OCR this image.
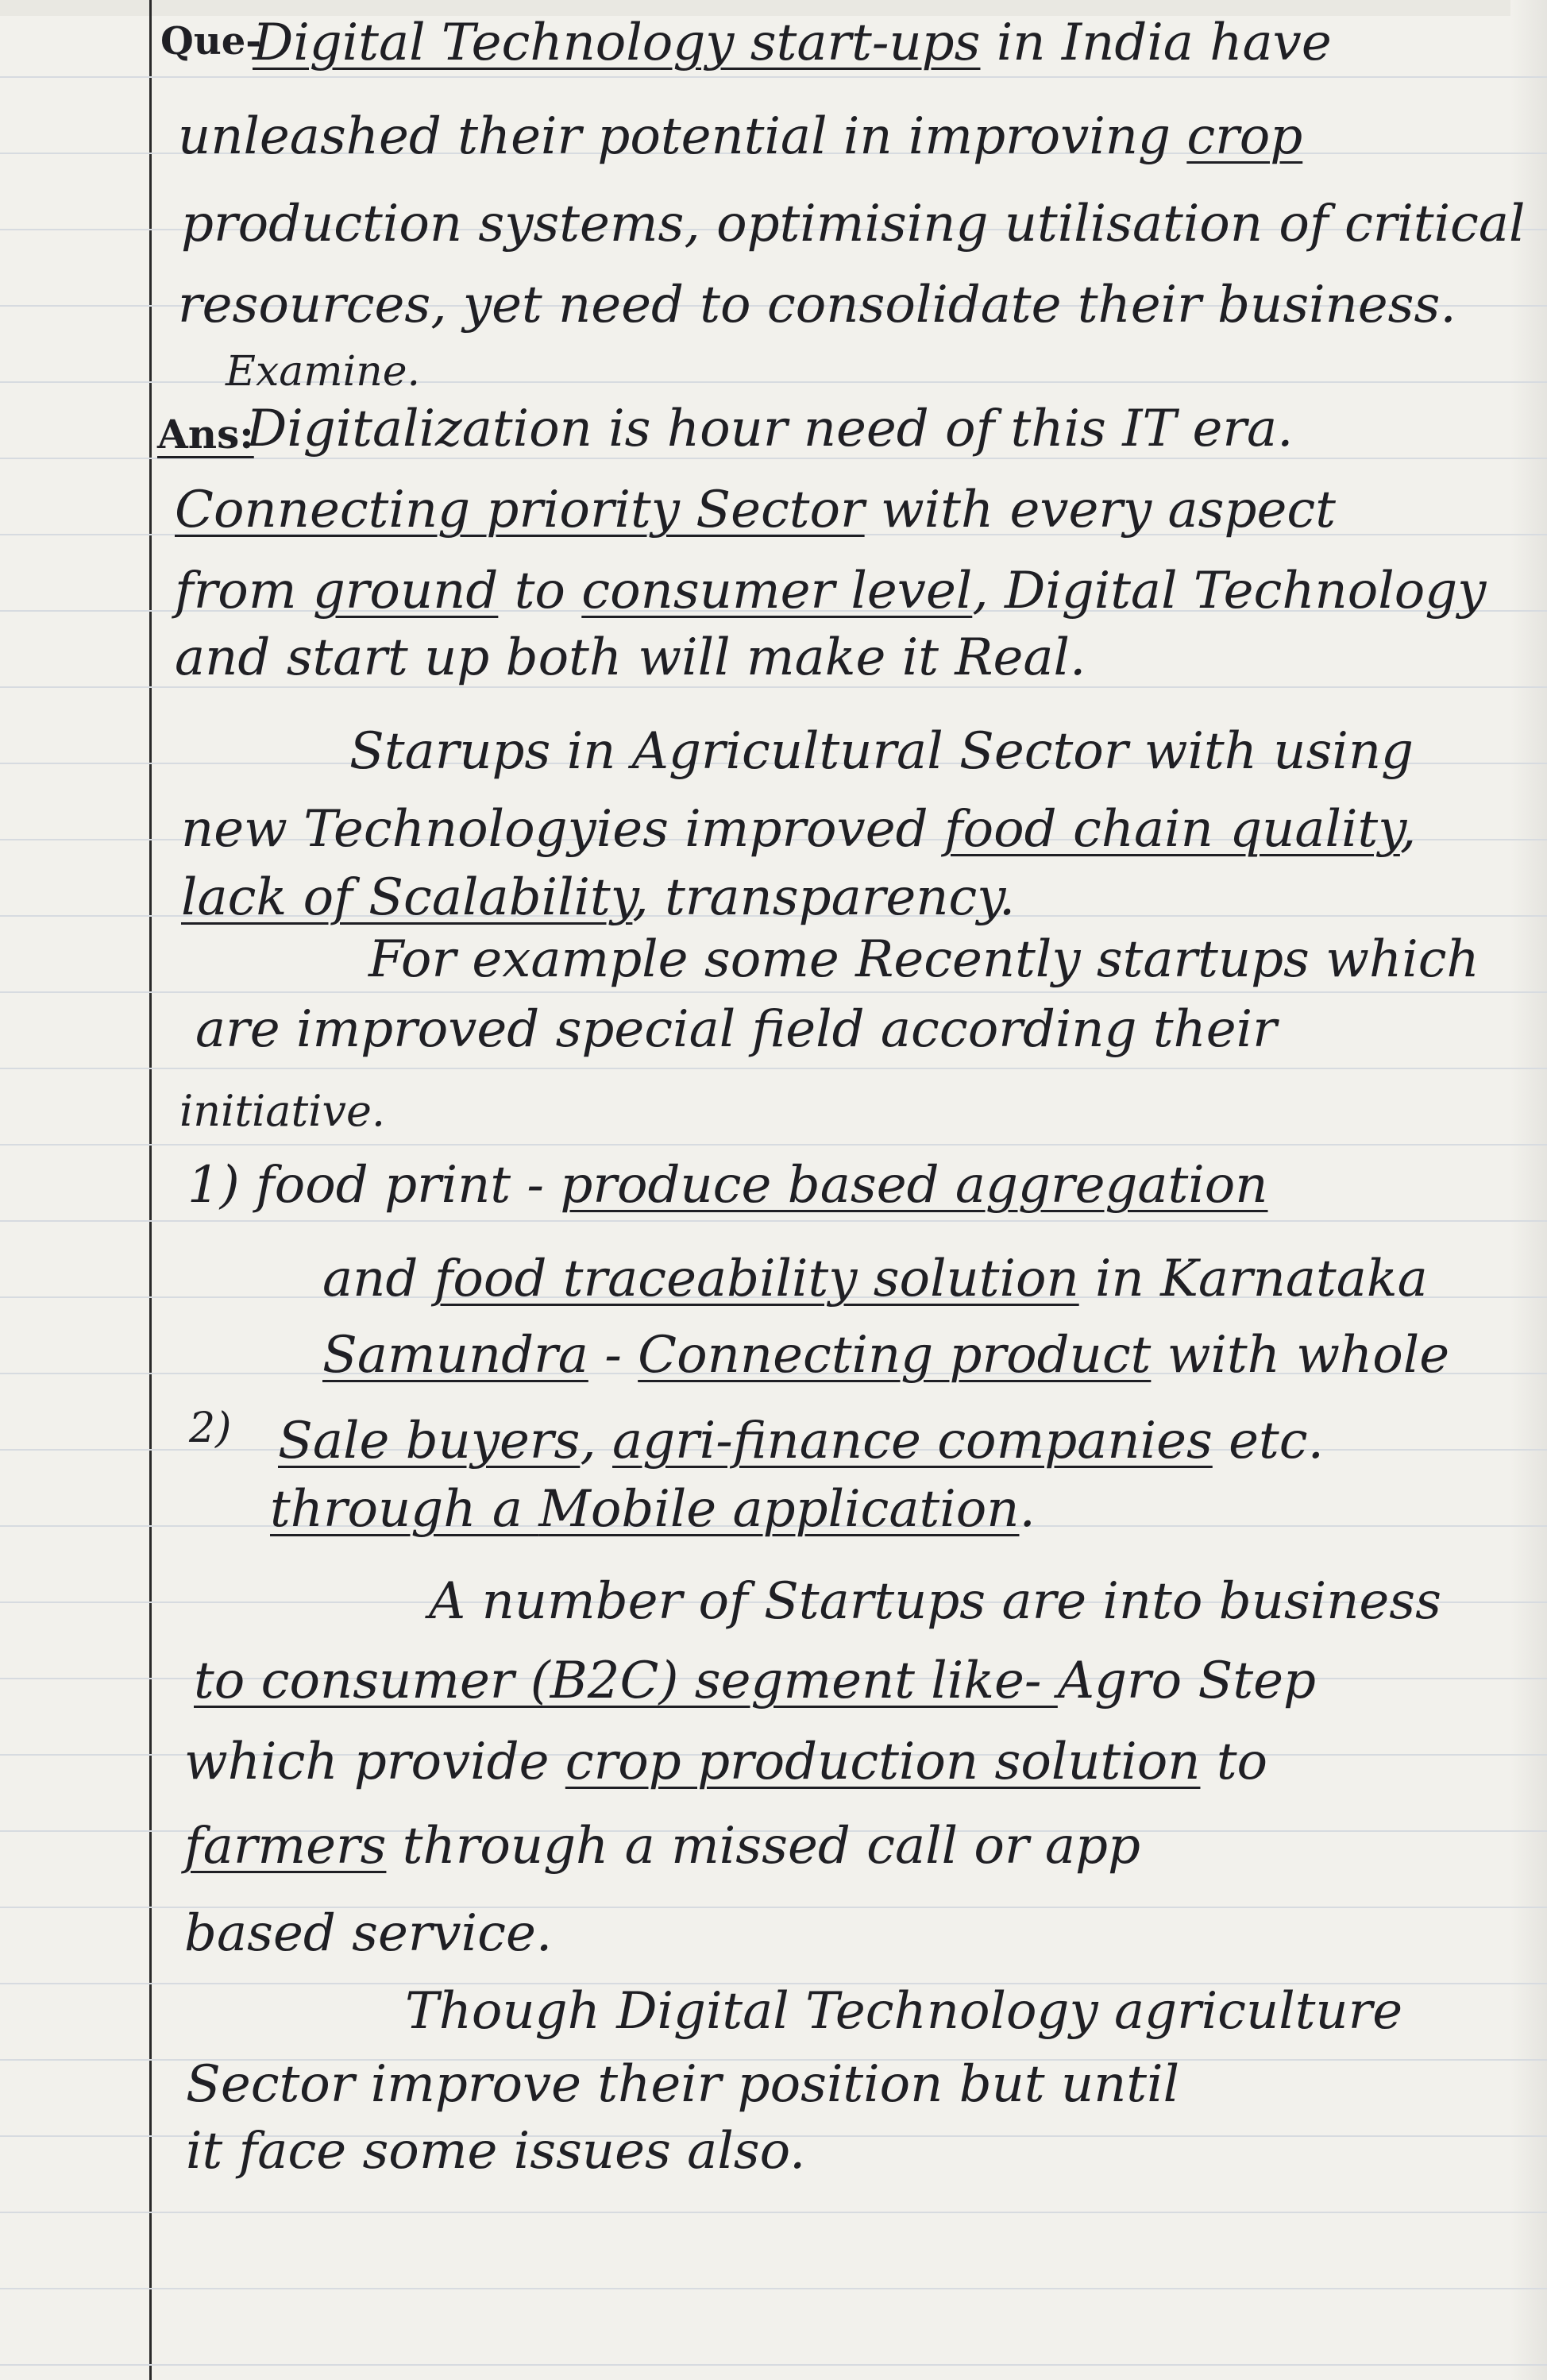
Que-
Digital Technology start-ups in India have
unleashed their potential in improving crop
production systems, optimising utilisation of critical
resources, yet need to consolidate their business.
Examine.
Ans:
Digitalization is hour need of this IT era.
Connecting priority Sector with every aspect
from ground to consumer level, Digital Technology
and start up both will make it Real.
Starups in Agricultural Sector with using
new Technologyies improved food chain quality,
lack of Scalability, transparency.
For example some Recently startups which
are improved special field according their
initiative.
1) food print - produce based aggregation
and food traceability solution in Karnataka
Samundra - Connecting product with whole
2) Sale buyers, agri-finance companies etc.
through a Mobile application.
A number of Startups are into business
to consumer (B2C) segment like- Agro Step
which provide crop production solution to
farmers through a missed call or app
based service.
Though Digital Technology agriculture
Sector improve their position but until
it face some issues also.
